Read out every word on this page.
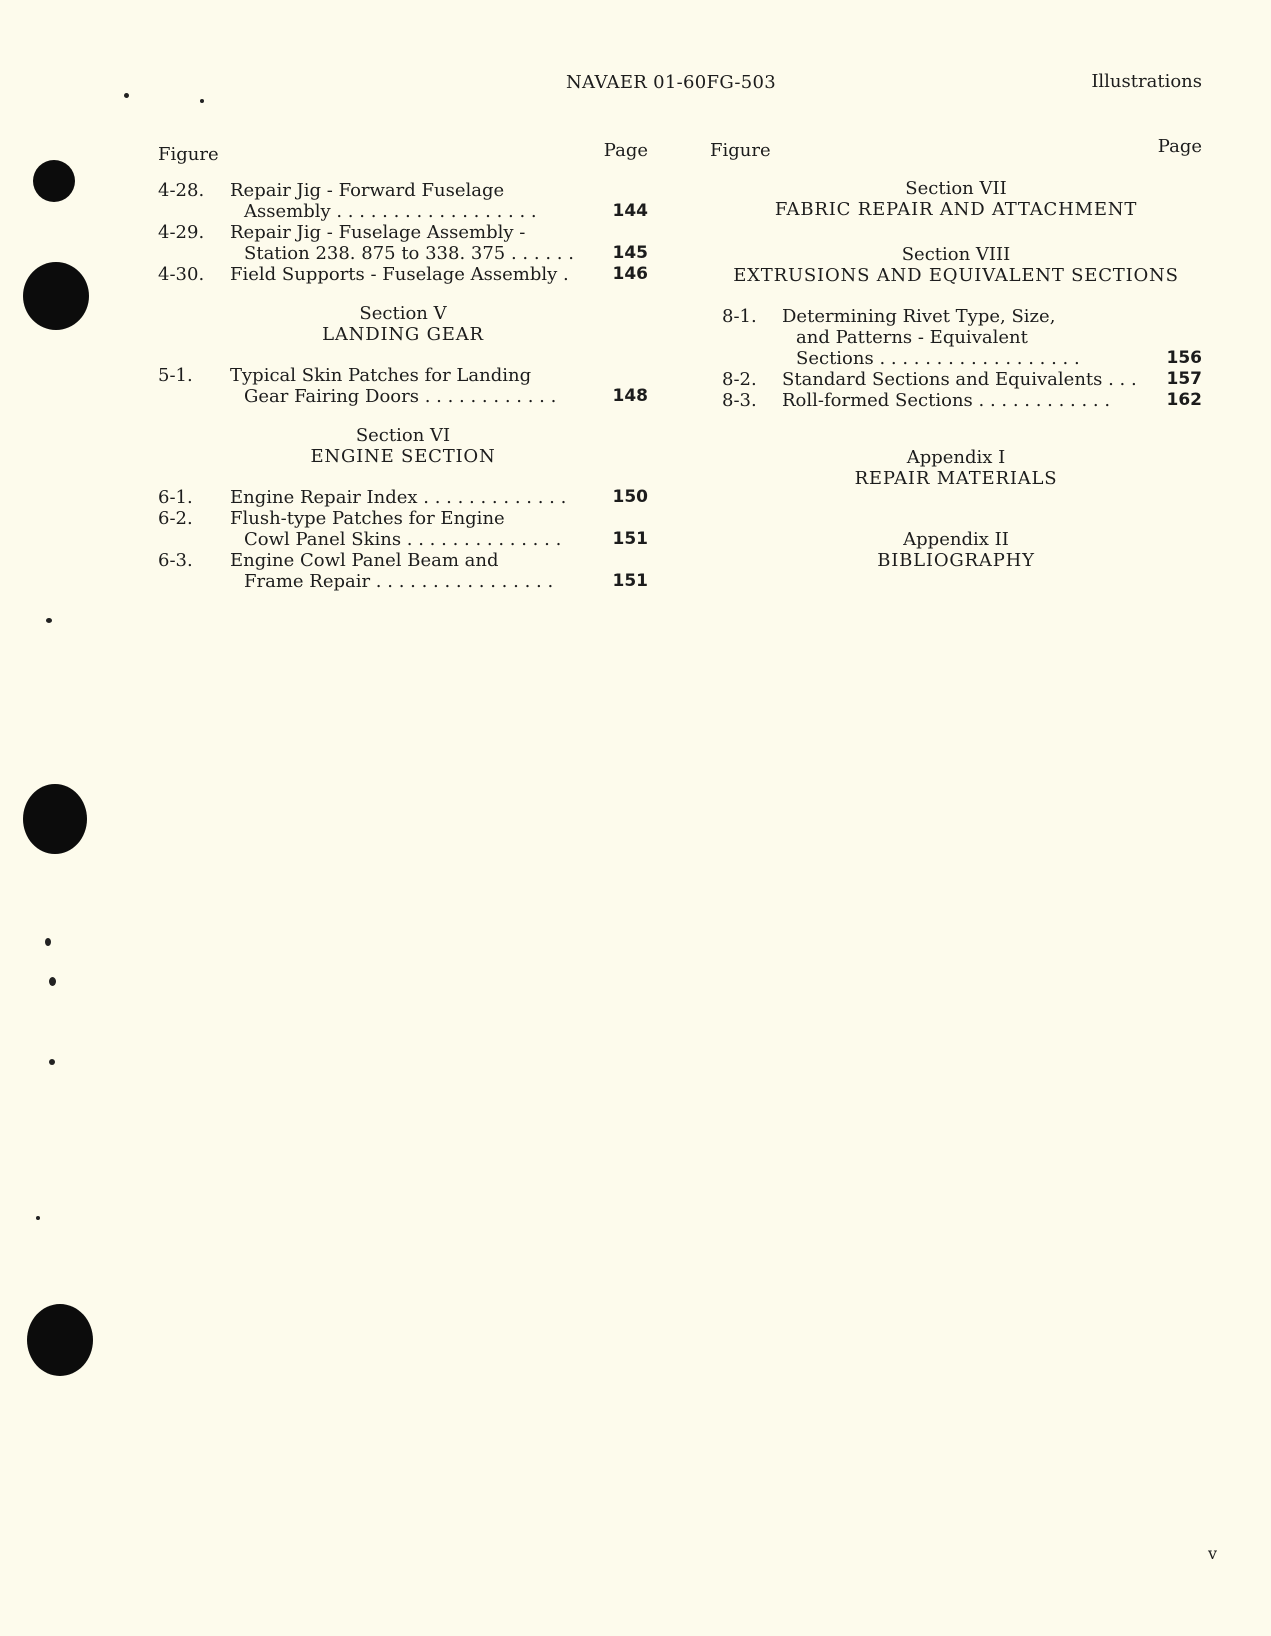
NAVAER 01-60FG-503	Illustrations
Figure	Page
4-28.	Repair Jig - Forward Fuselage
Assembly . . . . . . . . . . . . . . . . . .	144
4-29.	Repair Jig - Fuselage Assembly -
Station 238. 875 to 338. 375 . . . . . .	145
4-30.	Field Supports - Fuselage Assembly .	146
Section V
LANDING GEAR
5-1.	Typical Skin Patches for Landing
Gear Fairing Doors . . . . . . . . . . . .	148
Section VI
ENGINE SECTION
6-1.	Engine Repair Index . . . . . . . . . . . . .	150
6-2.	Flush-type Patches for Engine
Cowl Panel Skins . . . . . . . . . . . . . .	151
6-3.	Engine Cowl Panel Beam and
Frame Repair . . . . . . . . . . . . . . . .	151
Figure	Page
Section VII
FABRIC REPAIR AND ATTACHMENT
Section VIII
EXTRUSIONS AND EQUIVALENT SECTIONS
8-1.	Determining Rivet Type, Size,
and Patterns - Equivalent
Sections . . . . . . . . . . . . . . . . . .	156
8-2.	Standard Sections and Equivalents . . .	157
8-3.	Roll-formed Sections . . . . . . . . . . . .	162
Appendix I
REPAIR MATERIALS
Appendix II
BIBLIOGRAPHY
v
